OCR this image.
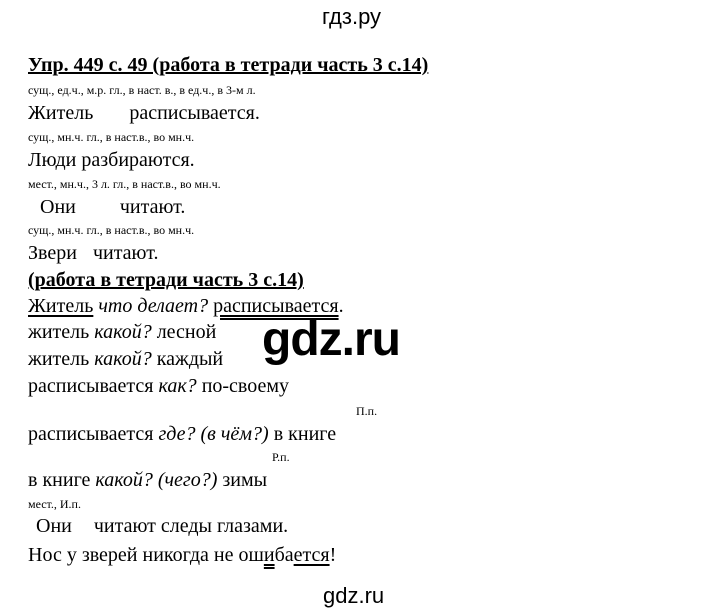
гдз.ру
Упр. 449 с. 49 (работа в тетради часть 3 с.14)
сущ., ед.ч., м.р. гл., в наст. в., в ед.ч., в 3-м л.
Житель расписывается.
сущ., мн.ч. гл., в наст.в., во мн.ч.
Люди разбираются.
мест., мн.ч., 3 л. гл., в наст.в., во мн.ч.
Они читают.
сущ., мн.ч. гл., в наст.в., во мн.ч.
Звери читают.
(работа в тетради часть 3 с.14)
Житель что делает? расписывается.
житель какой? лесной
житель какой? каждый gdz.ru
расписывается как? по-своему
П.п.
расписывается где? (в чём?) в книге
Р.п.
в книге какой? (чего?) зимы
мест., И.п.
Они читают следы глазами.
Нос у зверей никогда не ошибается!
gdz.ru
